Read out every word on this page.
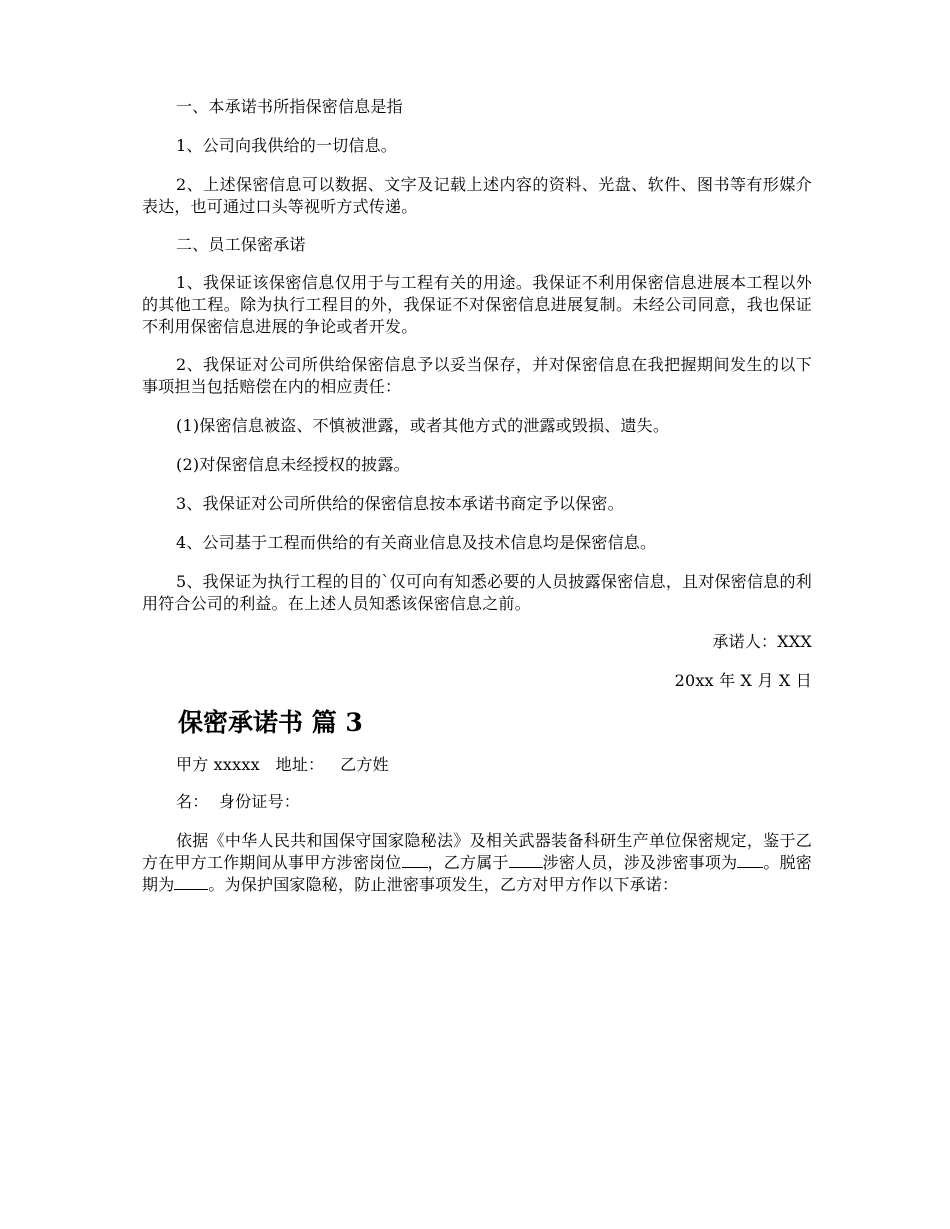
一、本承诺书所指保密信息是指

1、公司向我供给的一切信息。

2、上述保密信息可以数据、文字及记载上述内容的资料、光盘、软件、图书等有形媒介表达，也可通过口头等视听方式传递。

二、员工保密承诺

1、我保证该保密信息仅用于与工程有关的用途。我保证不利用保密信息进展本工程以外的其他工程。除为执行工程目的外，我保证不对保密信息进展复制。未经公司同意，我也保证不利用保密信息进展的争论或者开发。

2、我保证对公司所供给保密信息予以妥当保存，并对保密信息在我把握期间发生的以下事项担当包括赔偿在内的相应责任：

(1)保密信息被盗、不慎被泄露，或者其他方式的泄露或毁损、遗失。

(2)对保密信息未经授权的披露。

3、我保证对公司所供给的保密信息按本承诺书商定予以保密。

4、公司基于工程而供给的有关商业信息及技术信息均是保密信息。

5、我保证为执行工程的目的`仅可向有知悉必要的人员披露保密信息，且对保密信息的利用符合公司的利益。在上述人员知悉该保密信息之前。

承诺人：XXX

20xx 年 X 月 X 日

保密承诺书 篇 3

甲方 xxxxx   地址：   乙方姓

名：  身份证号：

依据《中华人民共和国保守国家隐秘法》及相关武器装备科研生产单位保密规定，鉴于乙方在甲方工作期间从事甲方涉密岗位 ，乙方属于 涉密人员，涉及涉密事项为 。脱密期为 。为保护国家隐秘，防止泄密事项发生，乙方对甲方作以下承诺：
